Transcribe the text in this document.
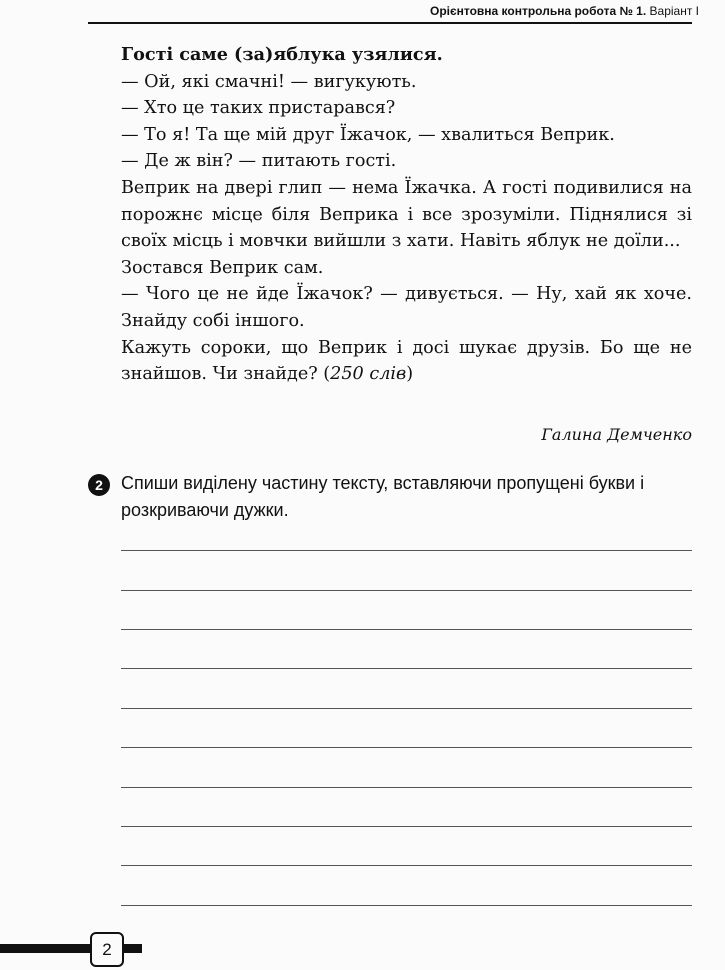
Орієнтовна контрольна робота № 1. Варіант І

Гості саме (за)яблука узялися.

— Ой, які смачні! — вигукують.

— Хто це таких пристарався?

— То я! Та ще мій друг Їжачок, — хвалиться Веприк.

— Де ж він? — питають гості.

Веприк на двері глип — нема Їжачка. А гості подивилися на порожнє місце біля Веприка і все зрозуміли. Піднялися зі своїх місць і мовчки вийшли з хати. Навіть яблук не доїли...

Зостався Веприк сам.

— Чого це не йде Їжачок? — дивується. — Ну, хай як хоче. Знайду собі іншого.

Кажуть сороки, що Веприк і досі шукає друзів. Бо ще не знайшов. Чи знайде? (250 слів)

Галина Демченко
2	Спиши виділену частину тексту, вставляючи пропущені букви і розкриваючи дужки.
2
